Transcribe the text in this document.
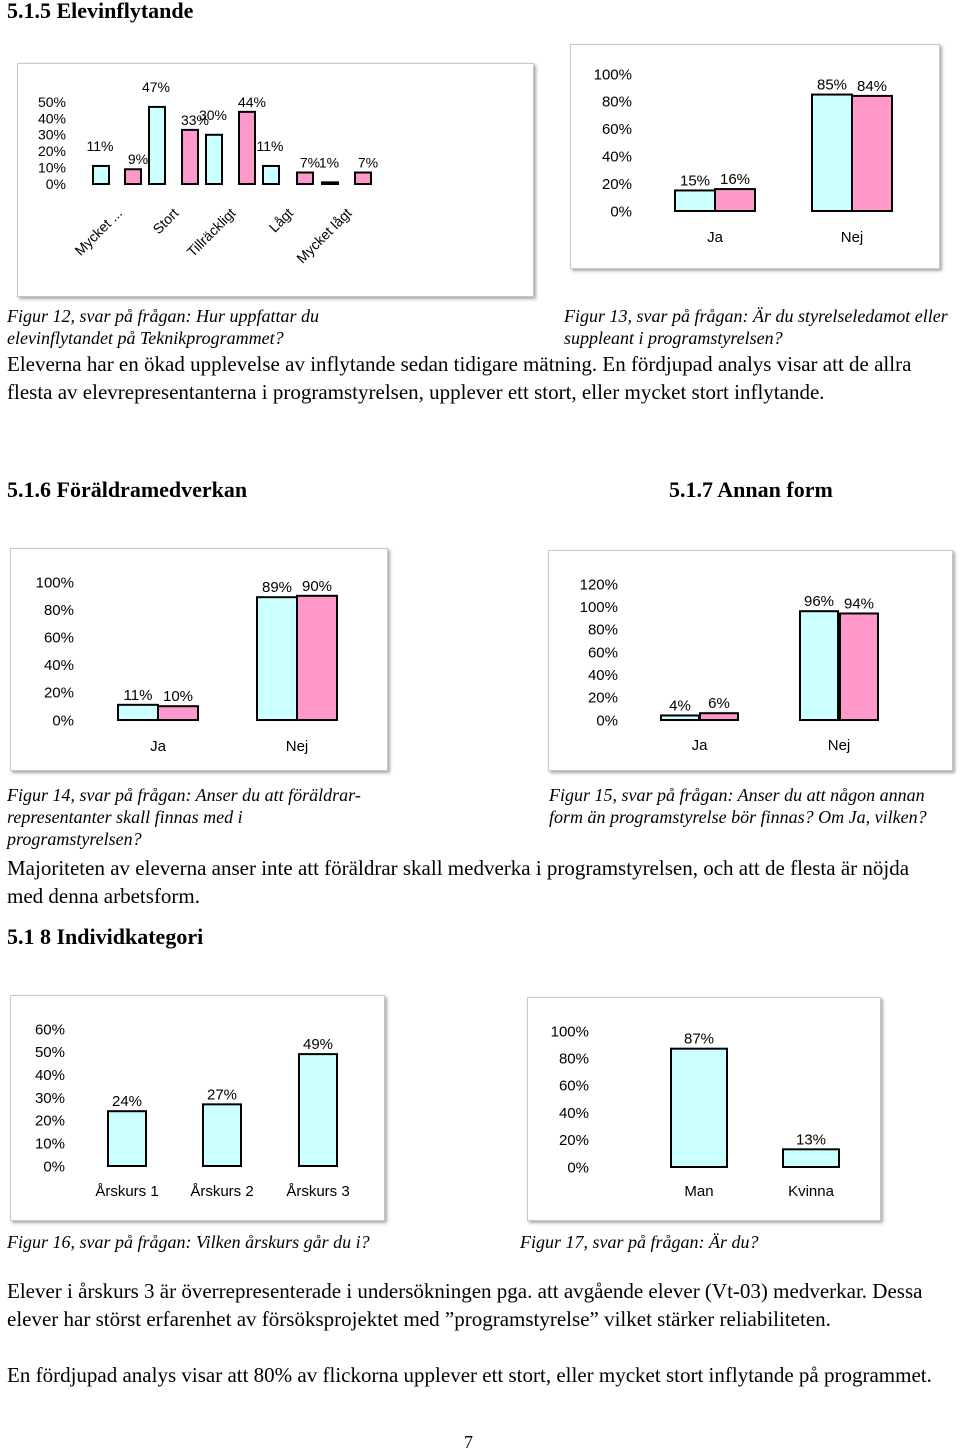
5.1.5 Elevinflytande
0%
10%
20%
30%
40%
50%
11%
47%
30%
11%
1%
9%
33%
44%
7%	7%
Mycket ... Stort Tillräckligt Lågt
Mycket lågt	0%
20%
40%
60%
80%
100%
15%
85%
16%
84%
Ja	Nej
Figur 12, svar på frågan: Hur uppfattar du elevinflytandet på Teknikprogrammet?
Figur 13, svar på frågan: Är du styrelseledamot eller suppleant i programstyrelsen?
Eleverna har en ökad upplevelse av inflytande sedan tidigare mätning. En fördjupad analys visar att de allra flesta av elevrepresentanterna i programstyrelsen, upplever ett stort, eller mycket stort inflytande.
5.1.6 Föräldramedverkan	5.1.7 Annan form
0%
20%
40%
60%
80%
100%
11%
89%
10%
90%
Ja	Nej
0%
20%
40%
60%
80%
100%
120%
4%
96%
6%
94%
Ja	Nej
Figur 14, svar på frågan: Anser du att föräldrar-representanter skall finnas med i programstyrelsen?
Figur 15, svar på frågan: Anser du att någon annan form än programstyrelse bör finnas? Om Ja, vilken?
Majoriteten av eleverna anser inte att föräldrar skall medverka i programstyrelsen, och att de flesta är nöjda med denna arbetsform.
5.1 8 Individkategori
0%
10%
20%
30%
40%
50%
60%
24%	27%
49%
Årskurs 1 Årskurs 2 Årskurs 3
0%
20%
40%
60%
80%
100%	87%
13%
Man	Kvinna
Figur 16, svar på frågan: Vilken årskurs går du i?	Figur 17, svar på frågan: Är du?
Elever i årskurs 3 är överrepresenterade i undersökningen pga. att avgående elever (Vt-03) medverkar. Dessa elever har störst erfarenhet av försöksprojektet med ”programstyrelse” vilket stärker reliabiliteten.
En fördjupad analys visar att 80% av flickorna upplever ett stort, eller mycket stort inflytande på programmet.
7
